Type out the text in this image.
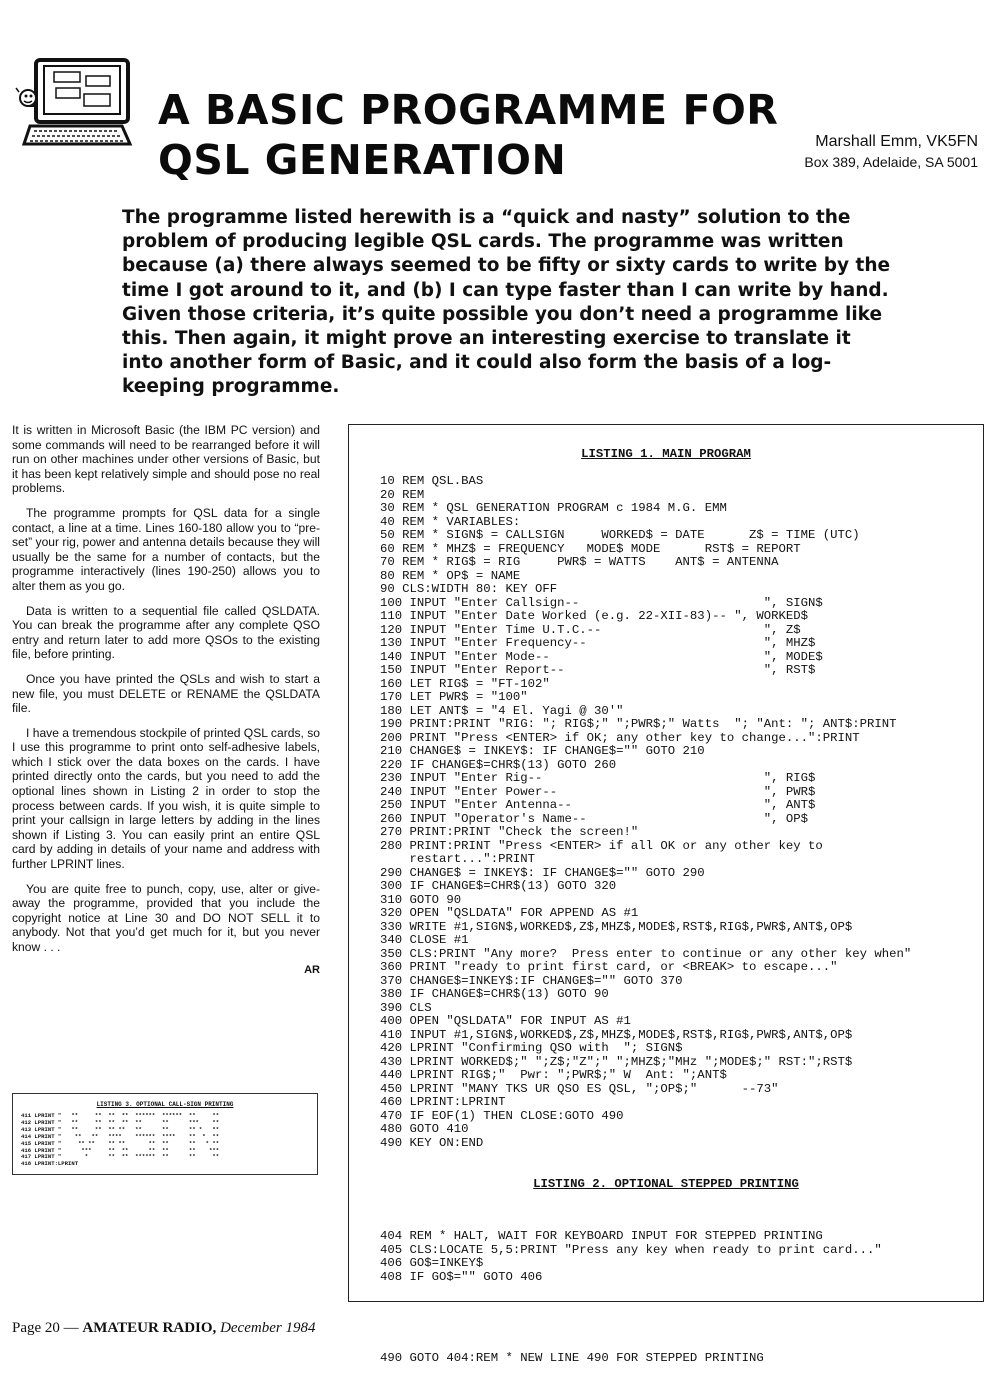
A BASIC PROGRAMME FOR QSL GENERATION	Marshall Emm, VK5FN
Box 389, Adelaide, SA 5001

The programme listed herewith is a “quick and nasty” solution to the problem of producing legible QSL cards. The programme was written because (a) there always seemed to be fifty or sixty cards to write by the time I got around to it, and (b) I can type faster than I can write by hand. Given those criteria, it’s quite possible you don’t need a programme like this. Then again, it might prove an interesting exercise to translate it into another form of Basic, and it could also form the basis of a log-keeping programme.

It is written in Microsoft Basic (the IBM PC version) and some commands will need to be rearranged before it will run on other machines under other versions of Basic, but it has been kept relatively simple and should pose no real problems.

The programme prompts for QSL data for a single contact, a line at a time. Lines 160-180 allow you to “pre-set” your rig, power and antenna details because they will usually be the same for a number of contacts, but the programme interactively (lines 190-250) allows you to alter them as you go.

Data is written to a sequential file called QSLDATA. You can break the programme after any complete QSO entry and return later to add more QSOs to the existing file, before printing.

Once you have printed the QSLs and wish to start a new file, you must DELETE or RENAME the QSLDATA file.

I have a tremendous stockpile of printed QSL cards, so I use this programme to print onto self-adhesive labels, which I stick over the data boxes on the cards. I have printed directly onto the cards, but you need to add the optional lines shown in Listing 2 in order to stop the process between cards. If you wish, it is quite simple to print your callsign in large letters by adding in the lines shown if Listing 3. You can easily print an entire QSL card by adding in details of your name and address with further LPRINT lines.

You are quite free to punch, copy, use, alter or give-away the programme, provided that you include the copyright notice at Line 30 and DO NOT SELL it to anybody. Not that you’d get much for it, but you never know . . .

AR
LISTING 1. MAIN PROGRAM
10 REM QSL.BAS
20 REM
30 REM * QSL GENERATION PROGRAM c 1984 M.G. EMM
40 REM * VARIABLES:
50 REM * SIGN$ = CALLSIGN     WORKED$ = DATE      Z$ = TIME (UTC)
60 REM * MHZ$ = FREQUENCY   MODE$ MODE      RST$ = REPORT
70 REM * RIG$ = RIG     PWR$ = WATTS    ANT$ = ANTENNA
80 REM * OP$ = NAME
90 CLS:WIDTH 80: KEY OFF
100 INPUT "Enter Callsign--                         ", SIGN$
110 INPUT "Enter Date Worked (e.g. 22-XII-83)-- ", WORKED$
120 INPUT "Enter Time U.T.C.--                      ", Z$
130 INPUT "Enter Frequency--                        ", MHZ$
140 INPUT "Enter Mode--                             ", MODE$
150 INPUT "Enter Report--                           ", RST$
160 LET RIG$ = "FT-102"
170 LET PWR$ = "100"
180 LET ANT$ = "4 El. Yagi @ 30'"
190 PRINT:PRINT "RIG: "; RIG$;" ";PWR$;" Watts  "; "Ant: "; ANT$:PRINT
200 PRINT "Press <ENTER> if OK; any other key to change...":PRINT
210 CHANGE$ = INKEY$: IF CHANGE$="" GOTO 210
220 IF CHANGE$=CHR$(13) GOTO 260
230 INPUT "Enter Rig--                              ", RIG$
240 INPUT "Enter Power--                            ", PWR$
250 INPUT "Enter Antenna--                          ", ANT$
260 INPUT "Operator's Name--                        ", OP$
270 PRINT:PRINT "Check the screen!"
280 PRINT:PRINT "Press <ENTER> if all OK or any other key to
restart...":PRINT
290 CHANGE$ = INKEY$: IF CHANGE$="" GOTO 290
300 IF CHANGE$=CHR$(13) GOTO 320
310 GOTO 90
320 OPEN "QSLDATA" FOR APPEND AS #1
330 WRITE #1,SIGN$,WORKED$,Z$,MHZ$,MODE$,RST$,RIG$,PWR$,ANT$,OP$
340 CLOSE #1
350 CLS:PRINT "Any more?  Press enter to continue or any other key when"
360 PRINT "ready to print first card, or <BREAK> to escape..."
370 CHANGE$=INKEY$:IF CHANGE$="" GOTO 370
380 IF CHANGE$=CHR$(13) GOTO 90
390 CLS
400 OPEN "QSLDATA" FOR INPUT AS #1
410 INPUT #1,SIGN$,WORKED$,Z$,MHZ$,MODE$,RST$,RIG$,PWR$,ANT$,OP$
420 LPRINT "Confirming QSO with  "; SIGN$
430 LPRINT WORKED$;" ";Z$;"Z";" ";MHZ$;"MHz ";MODE$;" RST:";RST$
440 LPRINT RIG$;"  Pwr: ";PWR$;" W  Ant: ";ANT$
450 LPRINT "MANY TKS UR QSO ES QSL, ";OP$;"      --73"
460 LPRINT:LPRINT
470 IF EOF(1) THEN CLOSE:GOTO 490
480 GOTO 410
490 KEY ON:END
LISTING 2. OPTIONAL STEPPED PRINTING

404 REM * HALT, WAIT FOR KEYBOARD INPUT FOR STEPPED PRINTING
405 CLS:LOCATE 5,5:PRINT "Press any key when ready to print card..."
406 GO$=INKEY$
408 IF GO$="" GOTO 406

490 GOTO 404:REM * NEW LINE 490 FOR STEPPED PRINTING

LISTING 3. OPTIONAL CALL-SIGN PRINTING
411 LPRINT "   **     **  **  **  ******  ******  **     **
412 LPRINT "   **     **  **  **  **      **      ***    **
413 LPRINT "   **     **  ** **   **      **      ** *   **
414 LPRINT "    **   **   ****    ******  ****    **  *  **
415 LPRINT "     ** **    ** **       **  **      **   * **
416 LPRINT "      ***     **  **      **  **      **    ***
417 LPRINT "       *      **  **  ******  **      **     **
418 LPRINT:LPRINT
Page 20 — AMATEUR RADIO, December 1984
